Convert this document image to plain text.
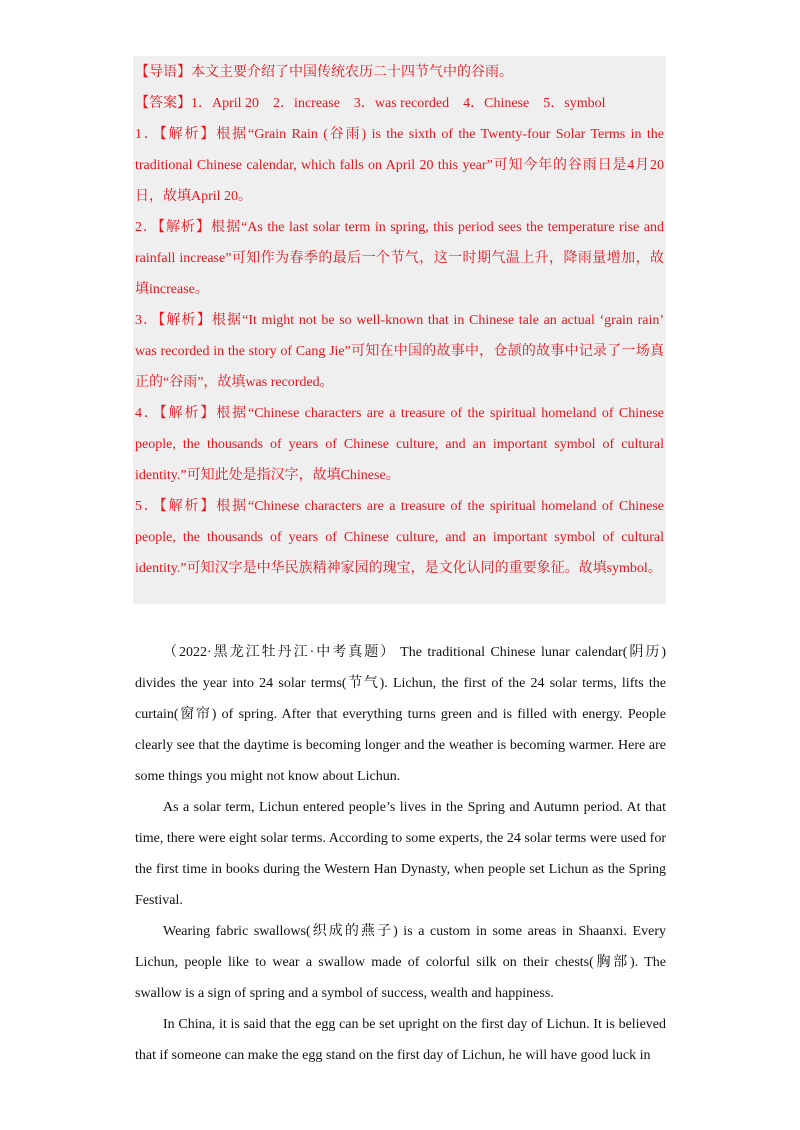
【导语】本文主要介绍了中国传统农历二十四节气中的谷雨。

【答案】1．April 20　2．increase　3．was recorded　4．Chinese　5．symbol

1．【解析】根据“Grain Rain (谷雨) is the sixth of the Twenty-four Solar Terms in the traditional Chinese calendar, which falls on April 20 this year”可知今年的谷雨日是4月20日，故填April 20。
2．【解析】根据“As the last solar term in spring, this period sees the temperature rise and rainfall increase”可知作为春季的最后一个节气，这一时期气温上升，降雨量增加，故填increase。
3．【解析】根据“It might not be so well-known that in Chinese tale an actual ‘grain rain’ was recorded in the story of Cang Jie”可知在中国的故事中，仓颉的故事中记录了一场真正的“谷雨”，故填was recorded。
4．【解析】根据“Chinese characters are a treasure of the spiritual homeland of Chinese people, the thousands of years of Chinese culture, and an important symbol of cultural identity.”可知此处是指汉字，故填Chinese。
5．【解析】根据“Chinese characters are a treasure of the spiritual homeland of Chinese people, the thousands of years of Chinese culture, and an important symbol of cultural identity.”可知汉字是中华民族精神家园的瑰宝，是文化认同的重要象征。故填symbol。

（2022·黑龙江牡丹江·中考真题） The traditional Chinese lunar calendar(阴历) divides the year into 24 solar terms(节气). Lichun, the first of the 24 solar terms, lifts the curtain(窗帘) of spring. After that everything turns green and is filled with energy. People clearly see that the daytime is becoming longer and the weather is becoming warmer. Here are some things you might not know about Lichun.

As a solar term, Lichun entered people’s lives in the Spring and Autumn period. At that time, there were eight solar terms. According to some experts, the 24 solar terms were used for the first time in books during the Western Han Dynasty, when people set Lichun as the Spring Festival.

Wearing fabric swallows(织成的燕子) is a custom in some areas in Shaanxi. Every Lichun, people like to wear a swallow made of colorful silk on their chests(胸部). The swallow is a sign of spring and a symbol of success, wealth and happiness.

In China, it is said that the egg can be set upright on the first day of Lichun. It is believed that if someone can make the egg stand on the first day of Lichun, he will have good luck in
